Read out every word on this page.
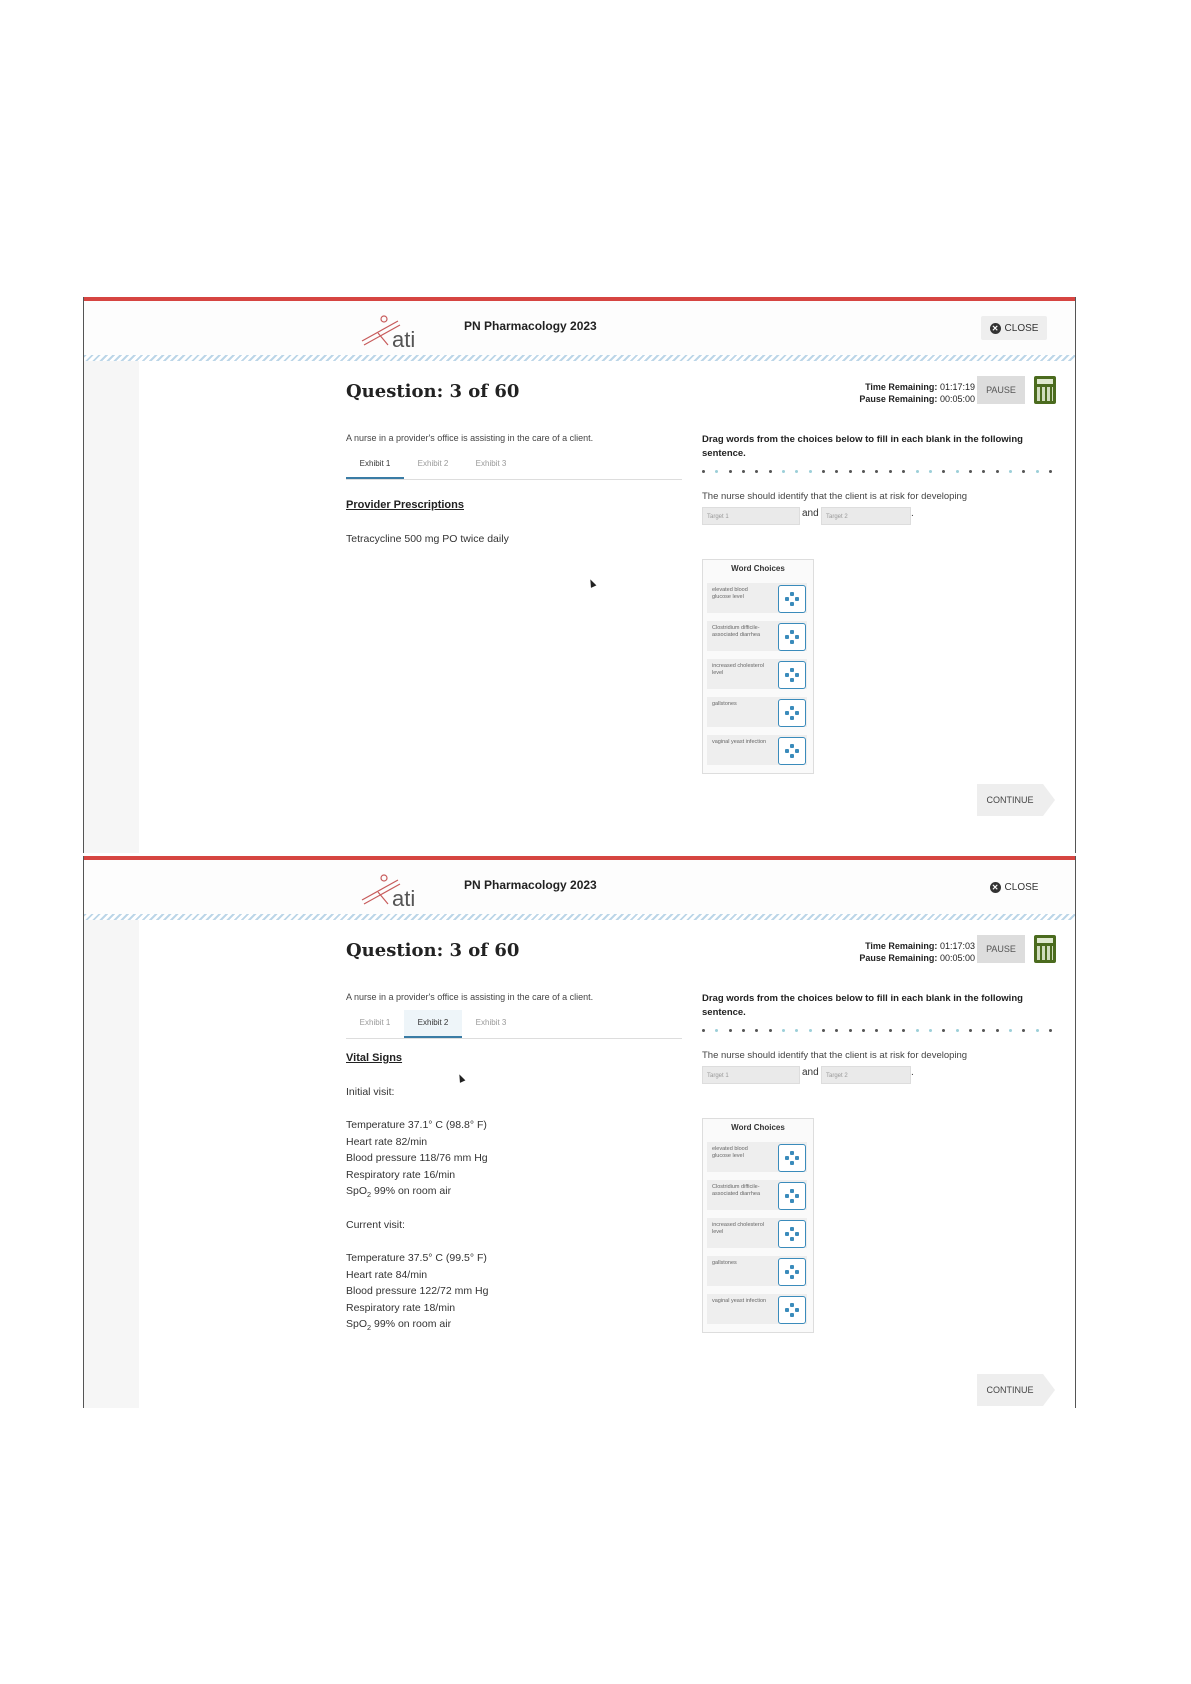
ati
PN Pharmacology 2023	✕ CLOSE
Question: 3 of 60	Time Remaining: 01:17:19
Pause Remaining: 00:05:00
PAUSE
A nurse in a provider's office is assisting in the care of a client.
Exhibit 1	Exhibit 2	Exhibit 3
Provider Prescriptions
Tetracycline 500 mg PO twice daily
Drag words from the choices below to fill in each blank in the following sentence.
The nurse should identify that the client is at risk for developing
Target 1	and	Target 2	.
Word Choices
elevated blood glucose level
Clostridium difficile-associated diarrhea
increased cholesterol level
gallstones
vaginal yeast infection
CONTINUE
ati
PN Pharmacology 2023	✕ CLOSE
Question: 3 of 60	Time Remaining: 01:17:03
Pause Remaining: 00:05:00
PAUSE
A nurse in a provider's office is assisting in the care of a client.
Exhibit 1	Exhibit 2	Exhibit 3
Vital Signs
Initial visit:
Temperature 37.1° C (98.8° F)
Heart rate 82/min
Blood pressure 118/76 mm Hg
Respiratory rate 16/min
SpO$_2$ 99% on room air
Current visit:
Temperature 37.5° C (99.5° F)
Heart rate 84/min
Blood pressure 122/72 mm Hg
Respiratory rate 18/min
SpO$_2$ 99% on room air
Drag words from the choices below to fill in each blank in the following sentence.
The nurse should identify that the client is at risk for developing
Target 1	and	Target 2	.
Word Choices
elevated blood glucose level
Clostridium difficile-associated diarrhea
increased cholesterol level
gallstones
vaginal yeast infection
CONTINUE
